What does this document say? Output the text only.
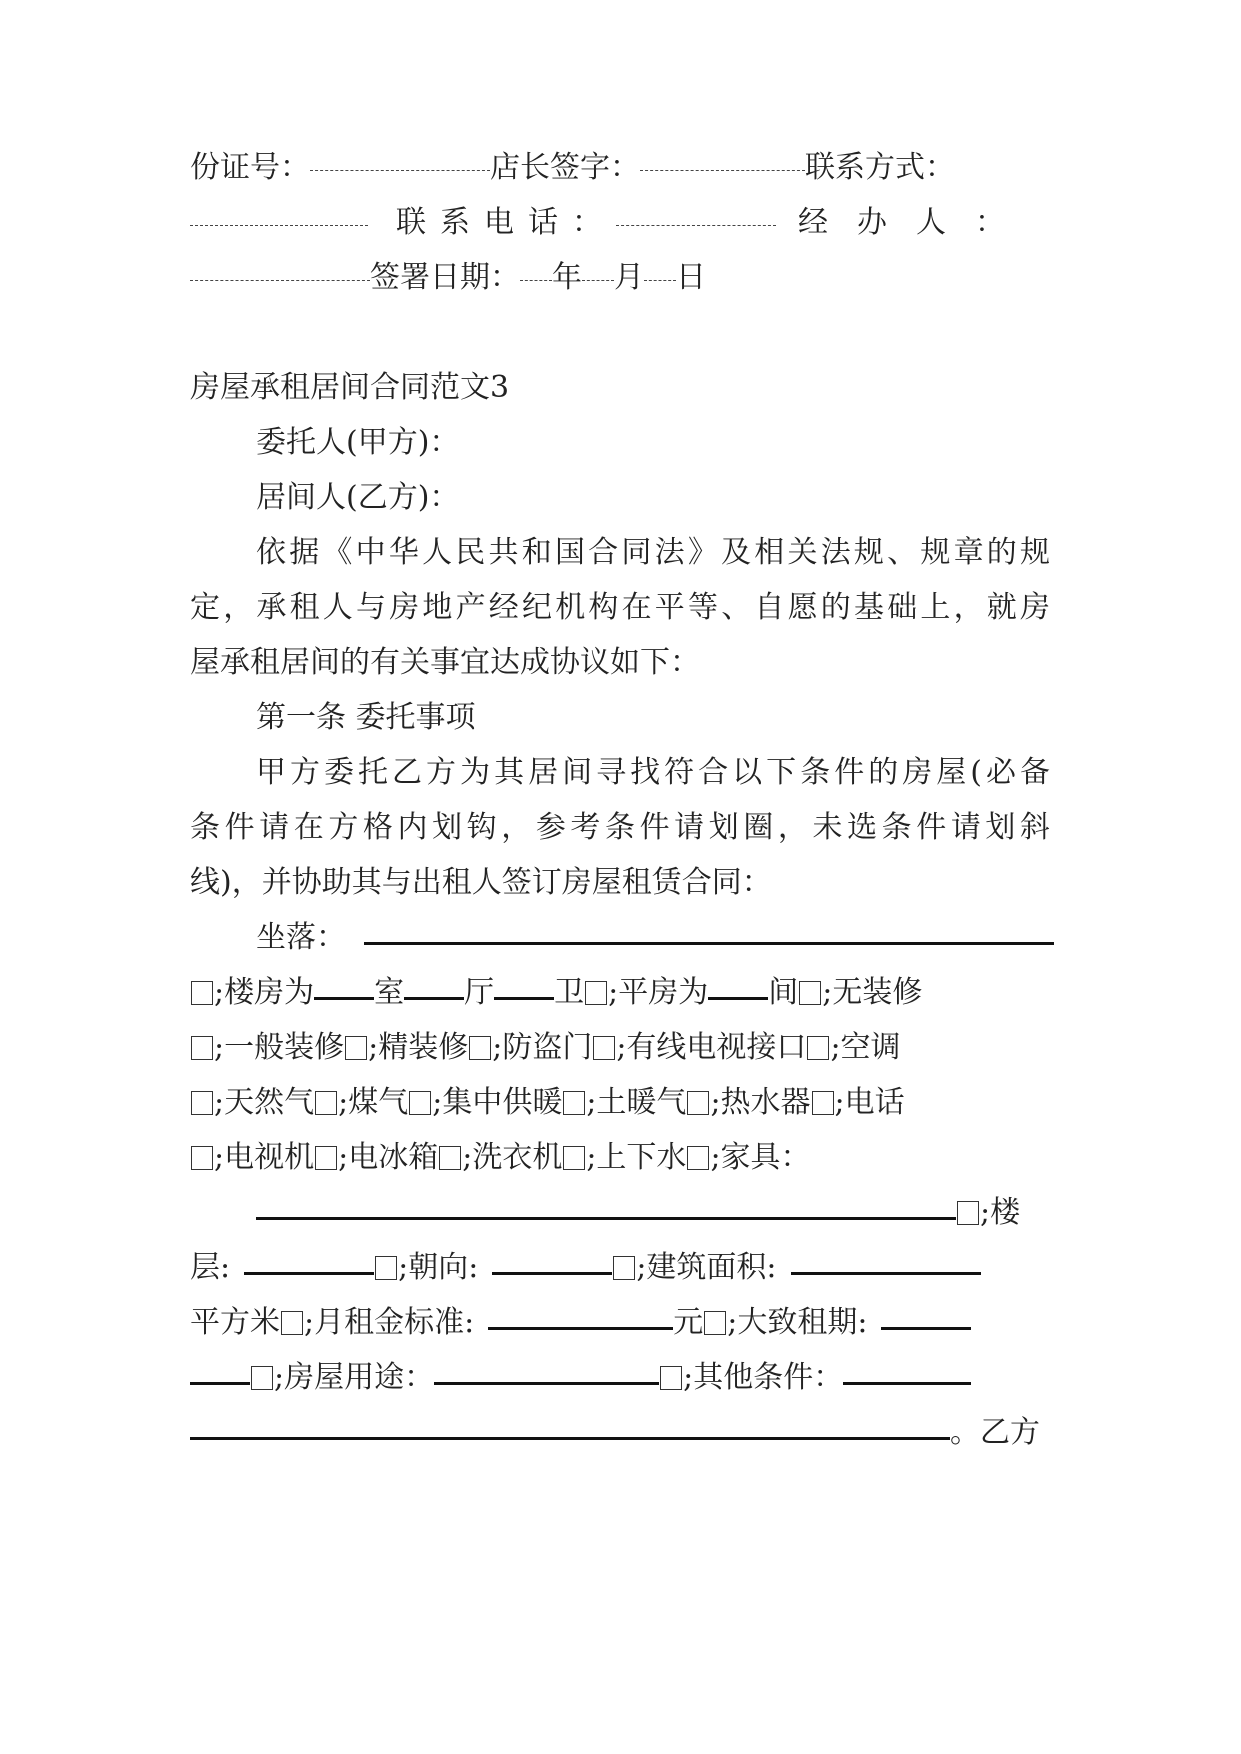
份证号：	店长签字：	联系方式：
联系电话：	经办人：
签署日期： 年 月 日
房屋承租居间合同范文3
委托人(甲方)：
居间人(乙方)：
依据《中华人民共和国合同法》及相关法规、规章的规
定，承租人与房地产经纪机构在平等、自愿的基础上，就房
屋承租居间的有关事宜达成协议如下：
第一条 委托事项
甲方委托乙方为其居间寻找符合以下条件的房屋(必备
条件请在方格内划钩，参考条件请划圈，未选条件请划斜
线)，并协助其与出租人签订房屋租赁合同：
坐落：
;楼房为 室 厅 卫 ;平房为 间 ;无装修
;一般装修 ;精装修 ;防盗门 ;有线电视接口 ;空调
;天然气 ;煤气 ;集中供暖 ;土暖气 ;热水器 ;电话
;电视机 ;电冰箱 ;洗衣机 ;上下水 ;家具：
;楼
层:	;朝向:	;建筑面积:
平方米 ;月租金标准:	元 ;大致租期:
;房屋用途：	;其他条件：
。乙方
